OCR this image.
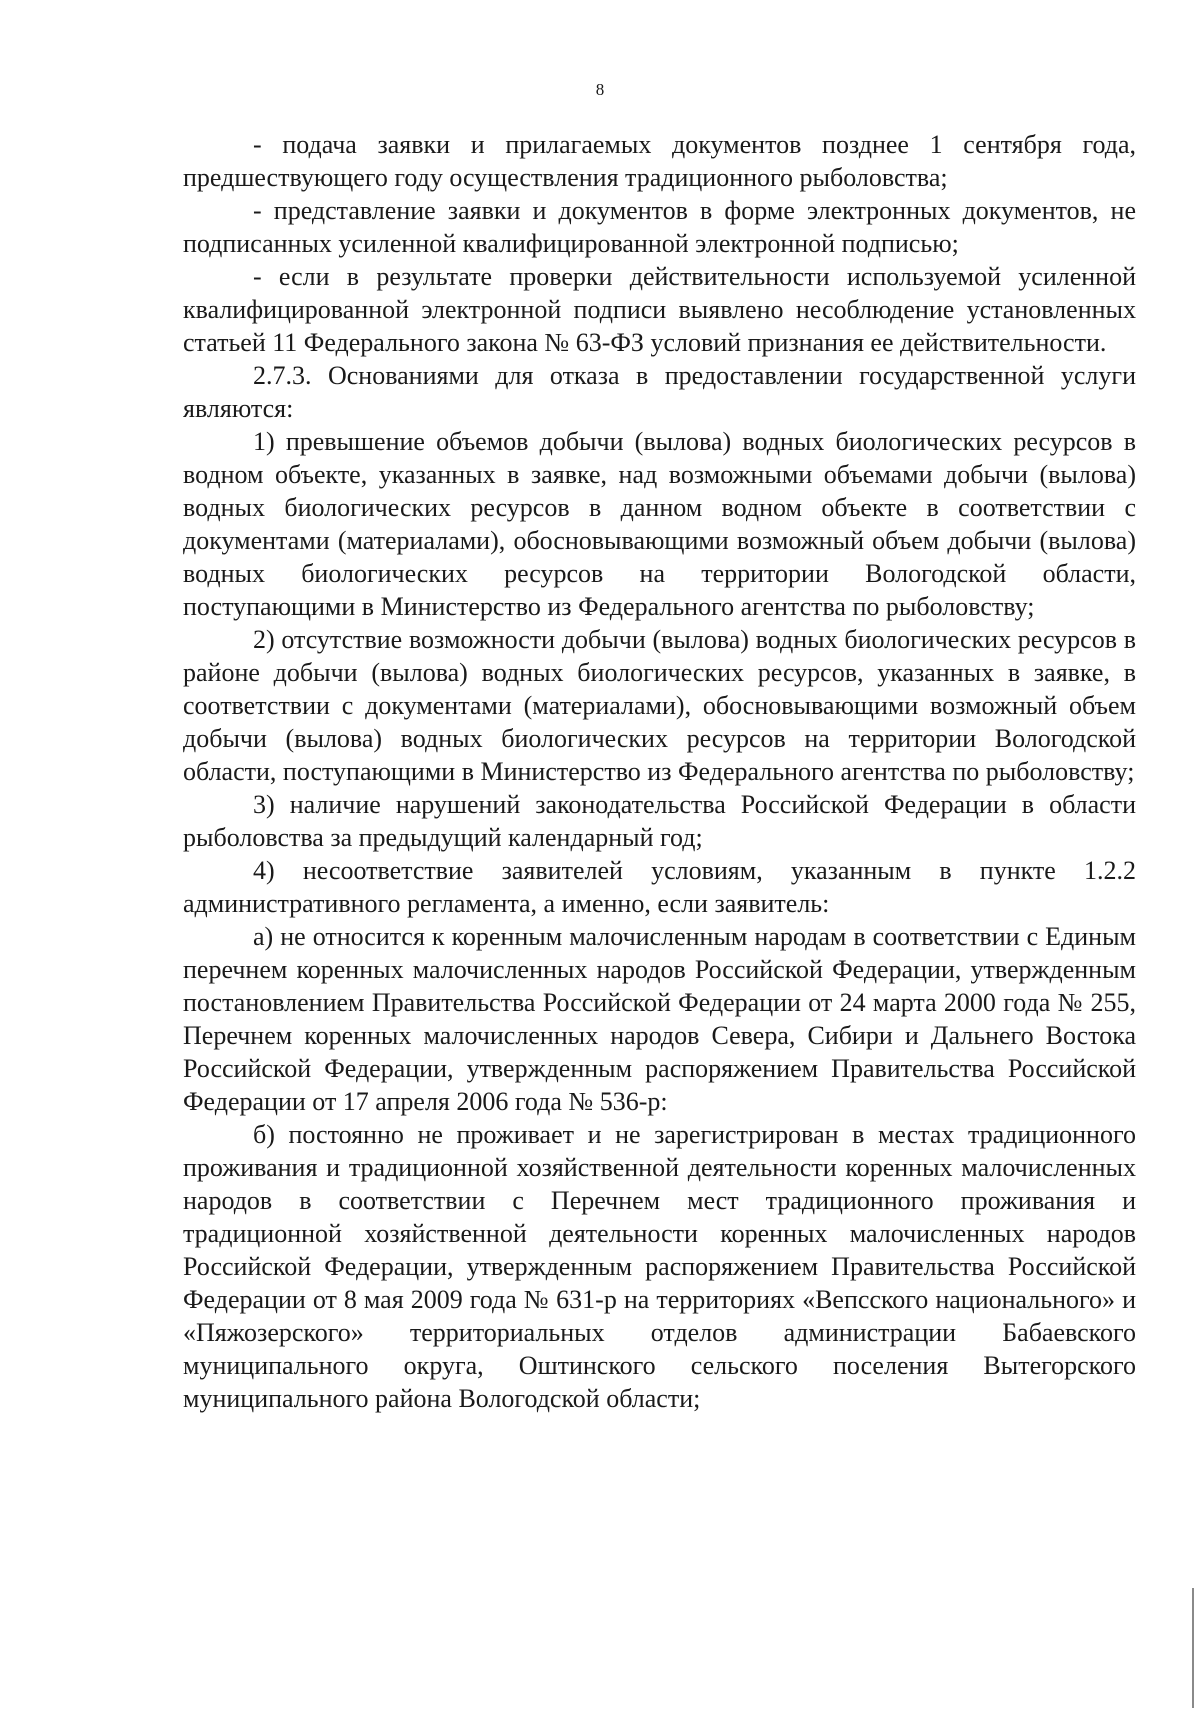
8

- подача заявки и прилагаемых документов позднее 1 сентября года, предшествующего году осуществления традиционного рыболовства;

- представление заявки и документов в форме электронных документов, не подписанных усиленной квалифицированной электронной подписью;

- если в результате проверки действительности используемой усиленной квалифицированной электронной подписи выявлено несоблюдение установленных статьей 11 Федерального закона № 63-ФЗ условий признания ее действительности.

2.7.3. Основаниями для отказа в предоставлении государственной услуги являются:

1) превышение объемов добычи (вылова) водных биологических ресурсов в водном объекте, указанных в заявке, над возможными объемами добычи (вылова) водных биологических ресурсов в данном водном объекте в соответствии с документами (материалами), обосновывающими возможный объем добычи (вылова) водных биологических ресурсов на территории Вологодской области, поступающими в Министерство из Федерального агентства по рыболовству;

2) отсутствие возможности добычи (вылова) водных биологических ресурсов в районе добычи (вылова) водных биологических ресурсов, указанных в заявке, в соответствии с документами (материалами), обосновывающими возможный объем добычи (вылова) водных биологических ресурсов на территории Вологодской области, поступающими в Министерство из Федерального агентства по рыболовству;

3) наличие нарушений законодательства Российской Федерации в области рыболовства за предыдущий календарный год;

4) несоответствие заявителей условиям, указанным в пункте 1.2.2 административного регламента, а именно, если заявитель:

а) не относится к коренным малочисленным народам в соответствии с Единым перечнем коренных малочисленных народов Российской Федерации, утвержденным постановлением Правительства Российской Федерации от 24 марта 2000 года № 255, Перечнем коренных малочисленных народов Севера, Сибири и Дальнего Востока Российской Федерации, утвержденным распоряжением Правительства Российской Федерации от 17 апреля 2006 года № 536-р:

б) постоянно не проживает и не зарегистрирован в местах традиционного проживания и традиционной хозяйственной деятельности коренных малочисленных народов в соответствии с Перечнем мест традиционного проживания и традиционной хозяйственной деятельности коренных малочисленных народов Российской Федерации, утвержденным распоряжением Правительства Российской Федерации от 8 мая 2009 года № 631-р на территориях «Вепсского национального» и «Пяжозерского» территориальных отделов администрации Бабаевского муниципального округа, Оштинского сельского поселения Вытегорского муниципального района Вологодской области;
